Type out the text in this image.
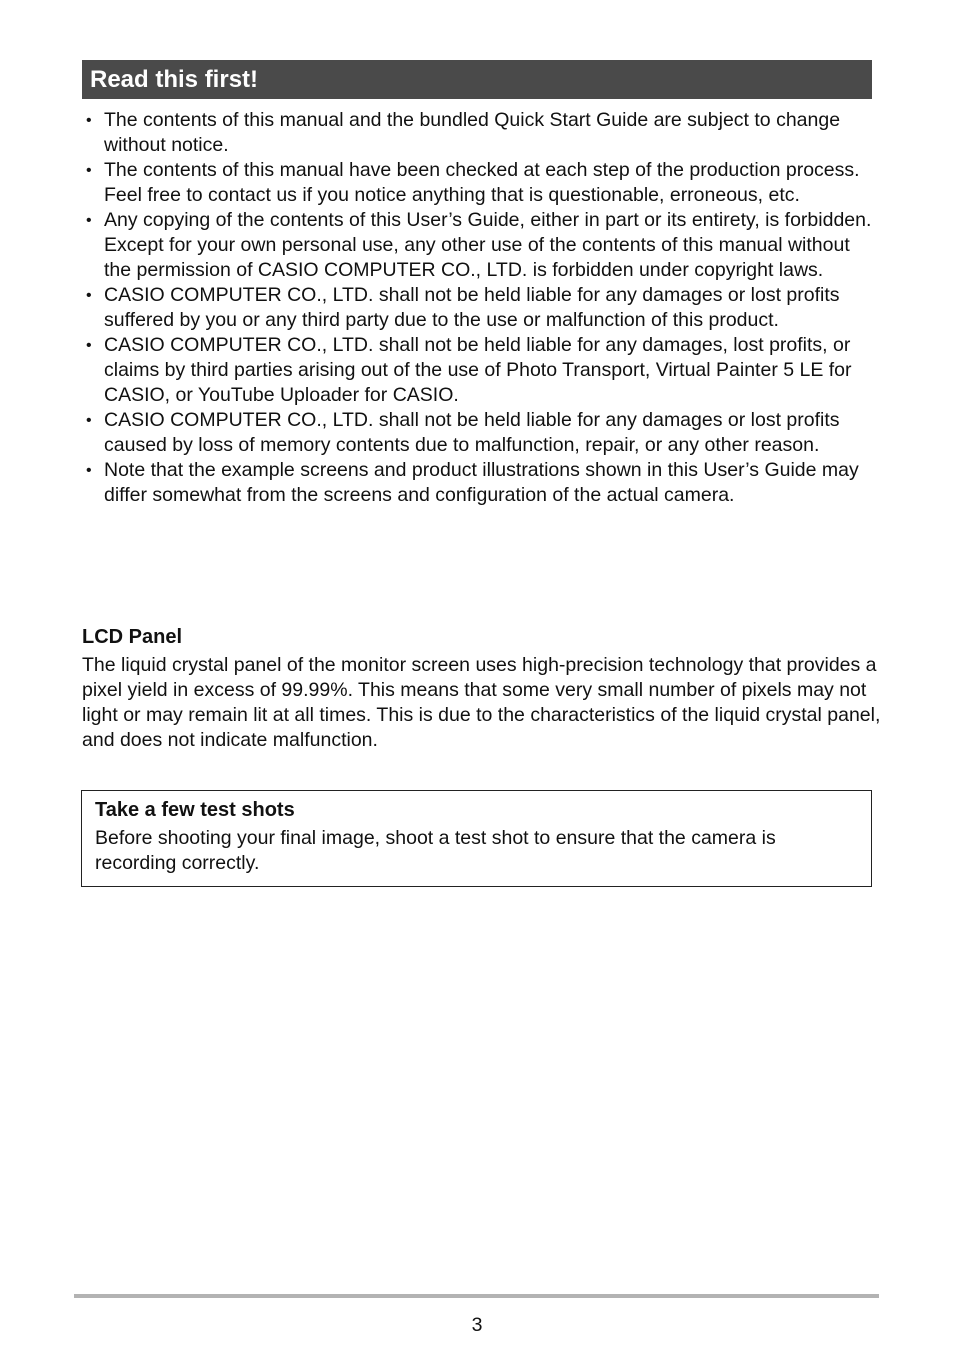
Read this first!
• The contents of this manual and the bundled Quick Start Guide are subject to change without notice.
• The contents of this manual have been checked at each step of the production process. Feel free to contact us if you notice anything that is questionable, erroneous, etc.
• Any copying of the contents of this User’s Guide, either in part or its entirety, is forbidden. Except for your own personal use, any other use of the contents of this manual without the permission of CASIO COMPUTER CO., LTD. is forbidden under copyright laws.
• CASIO COMPUTER CO., LTD. shall not be held liable for any damages or lost profits suffered by you or any third party due to the use or malfunction of this product.
• CASIO COMPUTER CO., LTD. shall not be held liable for any damages, lost profits, or claims by third parties arising out of the use of Photo Transport, Virtual Painter 5 LE for CASIO, or YouTube Uploader for CASIO.
• CASIO COMPUTER CO., LTD. shall not be held liable for any damages or lost profits caused by loss of memory contents due to malfunction, repair, or any other reason.
• Note that the example screens and product illustrations shown in this User’s Guide may differ somewhat from the screens and configuration of the actual camera.
LCD Panel

The liquid crystal panel of the monitor screen uses high-precision technology that provides a pixel yield in excess of 99.99%. This means that some very small number of pixels may not light or may remain lit at all times. This is due to the characteristics of the liquid crystal panel, and does not indicate malfunction.

Take a few test shots

Before shooting your final image, shoot a test shot to ensure that the camera is recording correctly.

3
